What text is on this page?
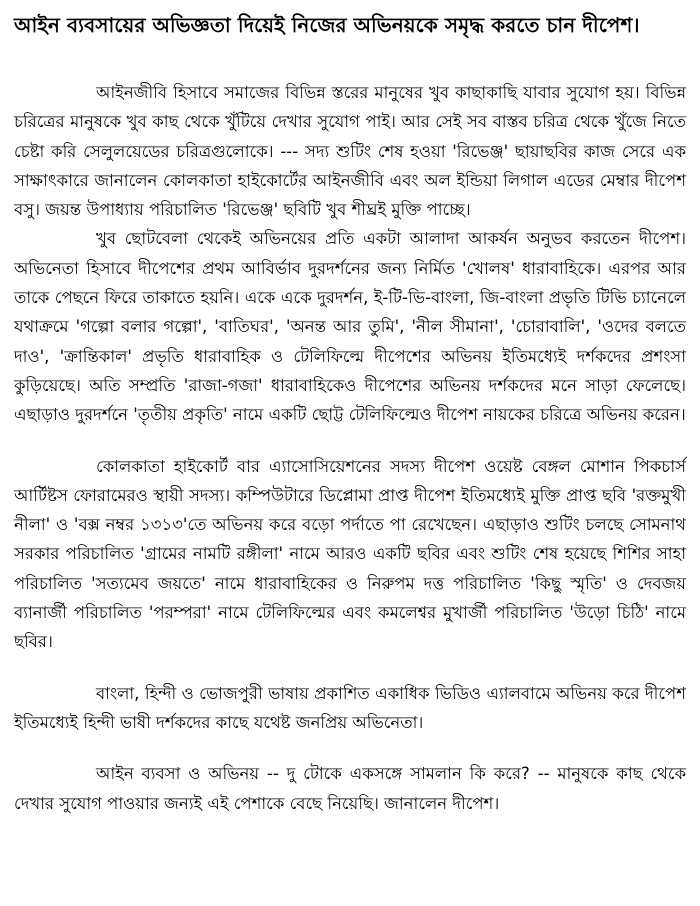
আইন ব্যবসায়ের অভিজ্ঞতা দিয়েই নিজের অভিনয়কে সমৃদ্ধ করতে চান দীপেশ।

আইনজীবি হিসাবে সমাজের বিভিন্ন স্তরের মানুষের খুব কাছাকাছি যাবার সুযোগ হয়। বিভিন্ন চরিত্রের মানুষকে খুব কাছ থেকে খুঁটিয়ে দেখার সুযোগ পাই। আর সেই সব বাস্তব চরিত্র থেকে খুঁজে নিতে চেষ্টা করি সেলুলয়েডের চরিত্রগুলোকে। --- সদ্য শুটিং শেষ হওয়া 'রিভেঞ্জ' ছায়াছবির কাজ সেরে এক সাক্ষাৎকারে জানালেন কোলকাতা হাইকোর্টের আইনজীবি এবং অল ইন্ডিয়া লিগাল এডের মেম্বার দীপেশ বসু। জয়ন্ত উপাধ্যায় পরিচালিত 'রিভেঞ্জ' ছবিটি খুব শীঘ্রই মুক্তি পাচ্ছে।

খুব ছোটবেলা থেকেই অভিনয়ের প্রতি একটা আলাদা আকর্ষন অনুভব করতেন দীপেশ। অভিনেতা হিসাবে দীপেশের প্রথম আবির্ভাব দুরদর্শনের জন্য নির্মিত 'খোলষ' ধারাবাহিকে। এরপর আর তাকে পেছনে ফিরে তাকাতে হয়নি। একে একে দুরদর্শন, ই-টি-ভি-বাংলা, জি-বাংলা প্রভৃতি টিভি চ্যানেলে যথাক্রমে 'গল্পো বলার গল্পো', 'বাতিঘর', 'অনন্ত আর তুমি', 'নীল সীমানা', 'চোরাবালি', 'ওদের বলতে দাও', 'ক্রান্তিকাল' প্রভৃতি ধারাবাহিক ও টেলিফিল্মে দীপেশের অভিনয় ইতিমধ্যেই দর্শকদের প্রশংসা কুড়িয়েছে। অতি সম্প্রতি 'রাজা-গজা' ধারাবাহিকেও দীপেশের অভিনয় দর্শকদের মনে সাড়া ফেলেছে। এছাড়াও দুরদর্শনে 'তৃতীয় প্রকৃতি' নামে একটি ছোট্ট টেলিফিল্মেও দীপেশ নায়কের চরিত্রে অভিনয় করেন।

কোলকাতা হাইকোর্ট বার এ্যাসোসিয়েশনের সদস্য দীপেশ ওয়েষ্ট বেঙ্গল মোশান পিকচার্স আর্টিষ্টস ফোরামেরও স্থায়ী সদস্য। কম্পিউটারে ডিপ্লোমা প্রাপ্ত দীপেশ ইতিমধ্যেই মুক্তি প্রাপ্ত ছবি 'রক্তমুখী নীলা' ও 'বক্স নম্বর ১৩১৩'তে অভিনয় করে বড়ো পর্দাতে পা রেখেছেন। এছাড়াও শুটিং চলছে সোমনাথ সরকার পরিচালিত 'গ্রামের নামটি রঙ্গীলা' নামে আরও একটি ছবির এবং শুটিং শেষ হয়েছে শিশির সাহা পরিচালিত 'সত্যমেব জয়তে' নামে ধারাবাহিকের ও নিরুপম দত্ত পরিচালিত 'কিছু স্মৃতি' ও দেবজয় ব্যানার্জী পরিচালিত 'পরম্পরা' নামে টেলিফিল্মের এবং কমলেশ্বর মুখার্জী পরিচালিত 'উড়ো চিঠি' নামে ছবির।

বাংলা, হিন্দী ও ভোজপুরী ভাষায় প্রকাশিত একাধিক ভিডিও এ্যালবামে অভিনয় করে দীপেশ ইতিমধ্যেই হিন্দী ভাষী দর্শকদের কাছে যথেষ্ট জনপ্রিয় অভিনেতা।

আইন ব্যবসা ও অভিনয় -- দু টোকে একসঙ্গে সামলান কি করে? -- মানুষকে কাছ থেকে দেখার সুযোগ পাওয়ার জন্যই এই পেশাকে বেছে নিয়েছি। জানালেন দীপেশ।
